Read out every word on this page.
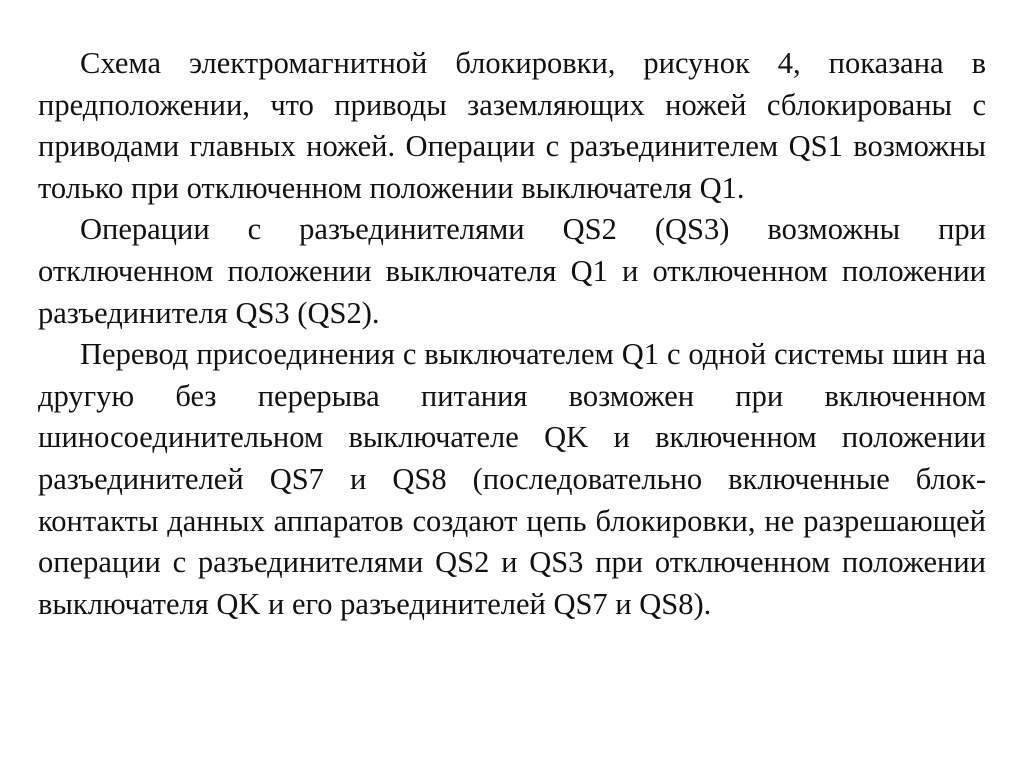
Схема электромагнитной блокировки, рисунок 4, показана в предположении, что приводы заземляющих ножей сблокированы с приводами главных ножей. Операции с разъединителем QS1 возможны только при отключенном положении выключателя Q1.

Операции с разъединителями QS2 (QS3) возможны при отключенном положении выключателя Q1 и отключенном положении разъединителя QS3 (QS2).

Перевод присоединения с выключателем Q1 с одной системы шин на другую без перерыва питания возможен при включенном шиносоединительном выключателе QK и включенном положении разъединителей QS7 и QS8 (последовательно включенные блок-контакты данных аппаратов создают цепь блокировки, не разрешающей операции с разъединителями QS2 и QS3 при отключенном положении выключателя QK и его разъединителей QS7 и QS8).
